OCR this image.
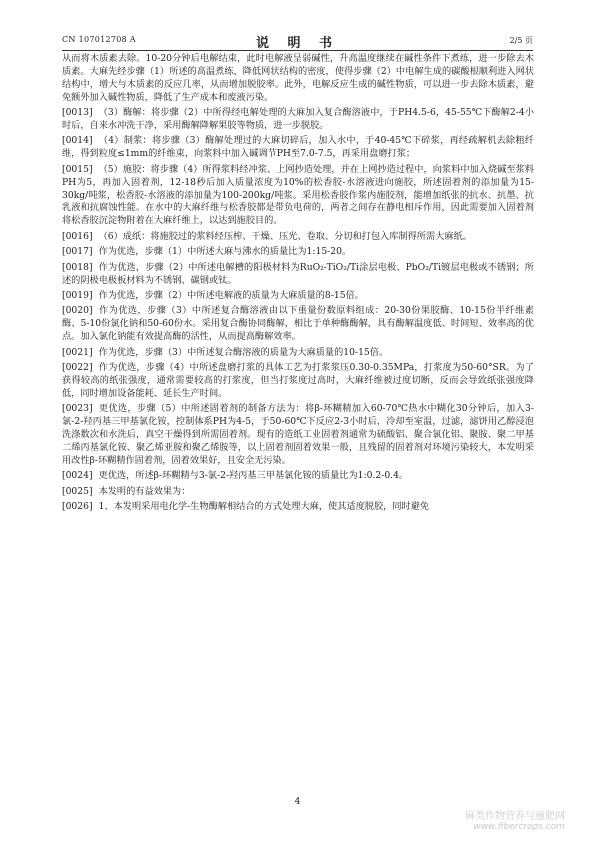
CN 107012708 A	说 明 书	2/5 页

从而将木质素去除。10-20分钟后电解结束，此时电解液呈弱碱性，升高温度继续在碱性条件下煮练，进一步除去木质素。大麻先经步骤（1）所述的高温煮练，降低网状结构的密度，使得步骤（2）中电解生成的碳酸根顺利进入网状结构中，增大与木质素的反应几率，从而增加脱胶率。此外，电解反应生成的碱性物质，可以进一步去除木质素，避免额外加入碱性物质，降低了生产成本和废液污染。

[0013] （3）酶解：将步骤（2）中所得经电解处理的大麻加入复合酶溶液中，于PH4.5-6，45-55℃下酶解2-4小时后，自来水冲洗干净，采用酶解降解果胶等物质，进一步脱胶。

[0014] （4）制浆：将步骤（3）酶解处理过的大麻切碎后，加入水中，于40-45℃下碎浆，再经疏解机去除粗纤维，得到粒度≤1mm的纤维束，向浆料中加入碱调节PH至7.0-7.5，再采用盘磨打浆；

[0015] （5）施胶：将步骤（4）所得浆料经冲浆、上网抄造处理，并在上网抄造过程中，向浆料中加入烧碱至浆料PH为5，再加入固着剂，12-18秒后加入质量浓度为10%的松香胶-水溶液进向施胶，所述固着剂的添加量为15-30kg/吨浆，松香胶-水溶液的添加量为100-200kg/吨浆。采用松香胶作浆内施胶剂，能增加纸张的抗水、抗墨、抗乳液和抗腐蚀性能。在水中的大麻纤维与松香胶都是带负电荷的，两者之间存在静电相斥作用，因此需要加入固着剂将松香胶沉淀物附着在大麻纤维上，以达到施胶目的。

[0016] （6）成纸：将施胶过的浆料经压榨、干燥、压光、卷取、分切和打包入库制得所需大麻纸。

[0017] 作为优选，步骤（1）中所述大麻与沸水的质量比为1:15-20。

[0018] 作为优选，步骤（2）中所述电解槽的阳极材料为RuO₂-TiO₂/Ti涂层电极、PbO₂/Ti镀层电极或不锈钢；所述的阴极电极板材料为不锈钢、碳钢或钛。

[0019] 作为优选，步骤（2）中所述电解液的质量为大麻质量的8-15倍。

[0020] 作为优选，步骤（3）中所述复合酶溶液由以下重量份数原料组成：20-30份果胶酶、10-15份半纤维素酶、5-10份氯化钠和50-60份水。采用复合酶协同酶解，相比于单种酶酶解，具有酶解温度低、时间短、效率高的优点。加入氯化钠能有效提高酶的活性，从而提高酶解效率。

[0021] 作为优选，步骤（3）中所述复合酶溶液的质量为大麻质量的10-15倍。

[0022] 作为优选，步骤（4）中所述盘磨打浆的具体工艺为打浆浆压0.30-0.35MPa，打浆度为50-60°SR。为了获得较高的纸张强度，通常需要较高的打浆度，但当打浆度过高时，大麻纤维被过度切断，反而会导致纸张强度降低，同时增加设备能耗、延长生产时间。

[0023] 更优选，步骤（5）中所述固着剂的制备方法为：将β-环糊精加入60-70℃热水中糊化30分钟后，加入3-氯-2-羟丙基三甲基氯化铵，控制体系PH为4-5，于50-60℃下反应2-3小时后，冷却至室温，过滤，滤饼用乙醇浸泡洗涤数次和水洗后，真空干燥得到所需固着剂。现有的造纸工业固着剂通常为硫酸铝、聚合氯化铝、聚胺、聚二甲基二烯丙基氯化铵、聚乙烯亚胺和聚乙烯胺等，以上固着剂固着效果一般，且残留的固着剂对环境污染较大，本发明采用改性β-环糊精作固着剂，固着效果好，且安全无污染。

[0024] 更优选，所述β-环糊精与3-氯-2-羟丙基三甲基氯化铵的质量比为1:0.2-0.4。

[0025] 本发明的有益效果为：

[0026] 1、本发明采用电化学-生物酶解相结合的方式处理大麻，使其适度脱胶，同时避免

4
麻类作物营养与施肥网
www.fibercrops.com
